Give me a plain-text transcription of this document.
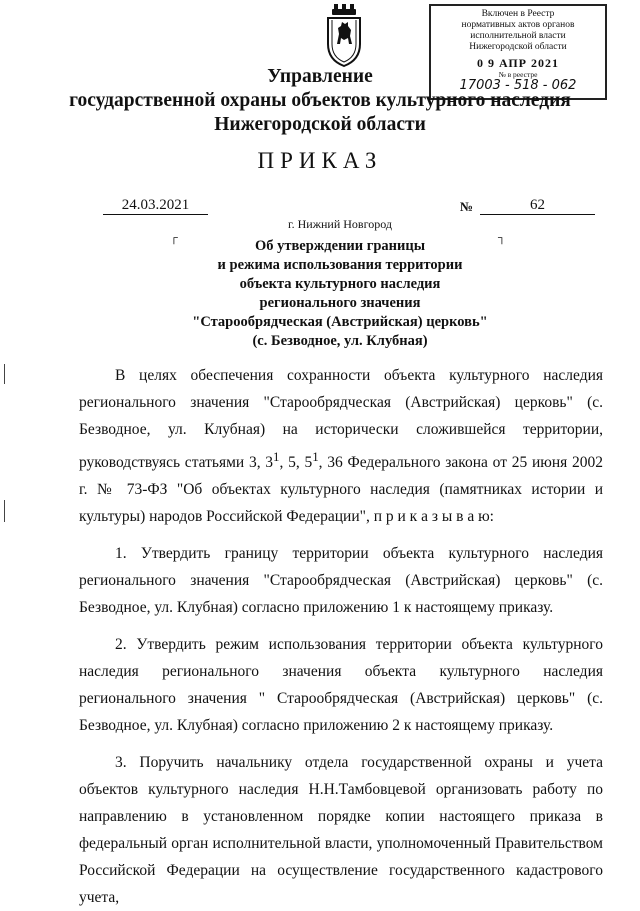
Включен в Реестр
нормативных актов органов
исполнительной власти
Нижегородской области
0 9 АПР 2021
№ в реестре
17003 - 518 - 062
Управление
государственной охраны объектов культурного наследия
Нижегородской области
ПРИКАЗ
24.03.2021	№	62
г. Нижний Новгород
┌	┐
Об утверждении границы
и режима использования территории
объекта культурного наследия
регионального значения
"Старообрядческая (Австрийская) церковь"
(с. Безводное, ул. Клубная)

В целях обеспечения сохранности объекта культурного наследия регионального значения "Старообрядческая (Австрийская) церковь" (с. Безводное, ул. Клубная) на исторически сложившейся территории, руководствуясь статьями 3, $3^1$, 5, $5^1$, 36 Федерального закона от 25 июня 2002 г. № 73-ФЗ "Об объектах культурного наследия (памятниках истории и культуры) народов Российской Федерации", п р и к а з ы в а ю:

1. Утвердить границу территории объекта культурного наследия регионального значения "Старообрядческая (Австрийская) церковь" (с. Безводное, ул. Клубная) согласно приложению 1 к настоящему приказу.

2. Утвердить режим использования территории объекта культурного наследия регионального значения объекта культурного наследия регионального значения " Старообрядческая (Австрийская) церковь" (с. Безводное, ул. Клубная) согласно приложению 2 к настоящему приказу.

3. Поручить начальнику отдела государственной охраны и учета объектов культурного наследия Н.Н.Тамбовцевой организовать работу по направлению в установленном порядке копии настоящего приказа в федеральный орган исполнительной власти, уполномоченный Правительством Российской Федерации на осуществление государственного кадастрового учета,
